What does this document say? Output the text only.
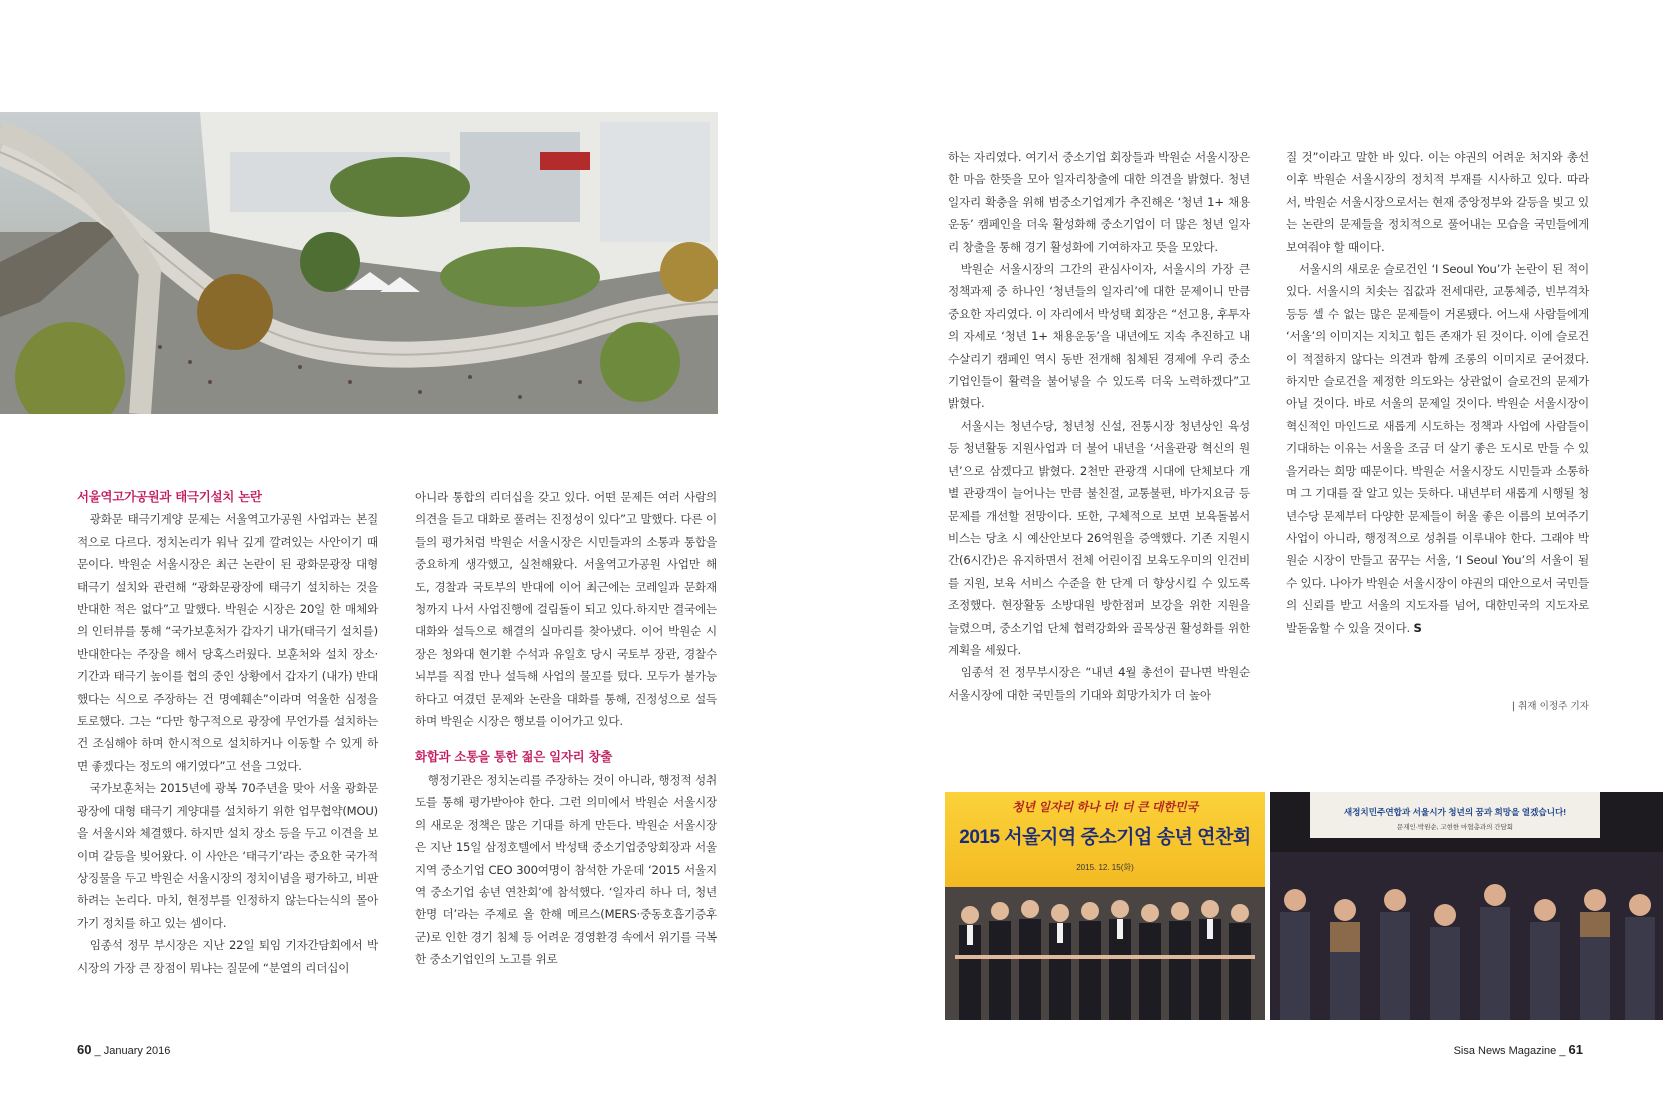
서울역고가공원과 태극기설치 논란

광화문 태극기게양 문제는 서울역고가공원 사업과는 본질적으로 다르다. 정치논리가 워낙 깊게 깔려있는 사안이기 때문이다. 박원순 서울시장은 최근 논란이 된 광화문광장 대형 태극기 설치와 관련해 “광화문광장에 태극기 설치하는 것을 반대한 적은 없다”고 말했다. 박원순 시장은 20일 한 매체와의 인터뷰를 통해 “국가보훈처가 갑자기 내가(태극기 설치를) 반대한다는 주장을 해서 당혹스러웠다. 보훈처와 설치 장소·기간과 태극기 높이를 협의 중인 상황에서 갑자기 (내가) 반대했다는 식으로 주장하는 건 명예훼손”이라며 억울한 심정을 토로했다. 그는 “다만 항구적으로 광장에 무언가를 설치하는 건 조심해야 하며 한시적으로 설치하거나 이동할 수 있게 하면 좋겠다는 정도의 얘기였다”고 선을 그었다.

국가보훈처는 2015년에 광복 70주년을 맞아 서울 광화문광장에 대형 태극기 게양대를 설치하기 위한 업무협약(MOU)을 서울시와 체결했다. 하지만 설치 장소 등을 두고 이견을 보이며 갈등을 빚어왔다. 이 사안은 ‘태극기’라는 중요한 국가적 상징물을 두고 박원순 서울시장의 정치이념을 평가하고, 비판하려는 논리다. 마치, 현정부를 인정하지 않는다는식의 몰아가기 정치를 하고 있는 셈이다.

임종석 정무 부시장은 지난 22일 퇴임 기자간담회에서 박 시장의 가장 큰 장점이 뭐냐는 질문에 “분열의 리더십이

아니라 통합의 리더십을 갖고 있다. 어떤 문제든 여러 사람의 의견을 듣고 대화로 풀려는 진정성이 있다”고 말했다. 다른 이들의 평가처럼 박원순 서울시장은 시민들과의 소통과 통합을 중요하게 생각했고, 실천해왔다. 서울역고가공원 사업만 해도, 경찰과 국토부의 반대에 이어 최근에는 코레일과 문화재청까지 나서 사업진행에 걸림돌이 되고 있다.하지만 결국에는 대화와 설득으로 해결의 실마리를 찾아냈다. 이어 박원순 시장은 청와대 현기환 수석과 유일호 당시 국토부 장관, 경찰수뇌부를 직접 만나 설득해 사업의 물꼬를 텄다. 모두가 불가능하다고 여겼던 문제와 논란을 대화를 통해, 진정성으로 설득하며 박원순 시장은 행보를 이어가고 있다.

화합과 소통을 통한 젊은 일자리 창출

행정기관은 정치논리를 주장하는 것이 아니라, 행정적 성취도를 통해 평가받아야 한다. 그런 의미에서 박원순 서울시장의 새로운 정책은 많은 기대를 하게 만든다. 박원순 서울시장은 지난 15일 삼정호텔에서 박성택 중소기업중앙회장과 서울지역 중소기업 CEO 300여명이 참석한 가운데 ‘2015 서울지역 중소기업 송년 연찬회’에 참석했다. ‘일자리 하나 더, 청년 한명 더’라는 주제로 올 한해 메르스(MERS·중동호흡기증후군)로 인한 경기 침체 등 어려운 경영환경 속에서 위기를 극복한 중소기업인의 노고를 위로

60 _ January 2016

하는 자리였다. 여기서 중소기업 회장들과 박원순 서울시장은 한 마음 한뜻을 모아 일자리창출에 대한 의견을 밝혔다. 청년일자리 확충을 위해 범중소기업계가 추진해온 ‘청년 1+ 채용 운동’ 캠페인을 더욱 활성화해 중소기업이 더 많은 청년 일자리 창출을 통해 경기 활성화에 기여하자고 뜻을 모았다.

박원순 서울시장의 그간의 관심사이자, 서울시의 가장 큰 정책과제 중 하나인 ‘청년들의 일자리’에 대한 문제이니 만큼 중요한 자리였다. 이 자리에서 박성택 회장은 “선고용, 후투자의 자세로 ‘청년 1+ 채용운동’을 내년에도 지속 추진하고 내수살리기 캠페인 역시 동반 전개해 침체된 경제에 우리 중소기업인들이 활력을 불어넣을 수 있도록 더욱 노력하겠다”고 밝혔다.

서울시는 청년수당, 청년청 신설, 전통시장 청년상인 육성 등 청년활동 지원사업과 더 불어 내년을 ‘서울관광 혁신의 원년’으로 삼겠다고 밝혔다. 2천만 관광객 시대에 단체보다 개별 관광객이 늘어나는 만큼 불친절, 교통불편, 바가지요금 등 문제를 개선할 전망이다. 또한, 구체적으로 보면 보육돌봄서비스는 당초 시 예산안보다 26억원을 증액했다. 기존 지원시간(6시간)은 유지하면서 전체 어린이집 보육도우미의 인건비를 지원, 보육 서비스 수준을 한 단계 더 향상시킬 수 있도록 조정했다. 현장활동 소방대원 방한점퍼 보강을 위한 지원을 늘렸으며, 중소기업 단체 협력강화와 골목상권 활성화를 위한 계획을 세웠다.

임종석 전 정무부시장은 “내년 4월 총선이 끝나면 박원순 서울시장에 대한 국민들의 기대와 희망가치가 더 높아

질 것”이라고 말한 바 있다. 이는 야권의 어려운 처지와 총선 이후 박원순 서울시장의 정치적 부재를 시사하고 있다. 따라서, 박원순 서울시장으로서는 현재 중앙정부와 갈등을 빚고 있는 논란의 문제들을 정치적으로 풀어내는 모습을 국민들에게 보여줘야 할 때이다.

서울시의 새로운 슬로건인 ‘I Seoul You’가 논란이 된 적이 있다. 서울시의 치솟는 집값과 전세대란, 교통체증, 빈부격차 등등 셀 수 없는 많은 문제들이 거론됐다. 어느새 사람들에게 ‘서울’의 이미지는 지치고 힘든 존재가 된 것이다. 이에 슬로건이 적절하지 않다는 의견과 함께 조롱의 이미지로 굳어졌다. 하지만 슬로건을 제정한 의도와는 상관없이 슬로건의 문제가 아닐 것이다. 바로 서울의 문제일 것이다. 박원순 서울시장이 혁신적인 마인드로 새롭게 시도하는 정책과 사업에 사람들이 기대하는 이유는 서울을 조금 더 살기 좋은 도시로 만들 수 있을거라는 희망 때문이다. 박원순 서울시장도 시민들과 소통하며 그 기대를 잘 알고 있는 듯하다. 내년부터 새롭게 시행될 청년수당 문제부터 다양한 문제들이 허울 좋은 이름의 보여주기 사업이 아니라, 행정적으로 성취를 이루내야 한다. 그래야 박원순 시장이 만들고 꿈꾸는 서울, ‘I Seoul You’의 서울이 될 수 있다. 나아가 박원순 서울시장이 야권의 대안으로서 국민들의 신뢰를 받고 서울의 지도자를 넘어, 대한민국의 지도자로 발돋움할 수 있을 것이다. S

| 취재 이정주 기자
청년 일자리 하나 더! 더 큰 대한민국
2015 서울지역 중소기업 송년 연찬회
2015. 12. 15(화)
새정치민주연합과 서울시가 청년의 꿈과 희망을 열겠습니다!
문재인·박원순, 고현한 마협총과의 간담회
Sisa News Magazine _ 61
